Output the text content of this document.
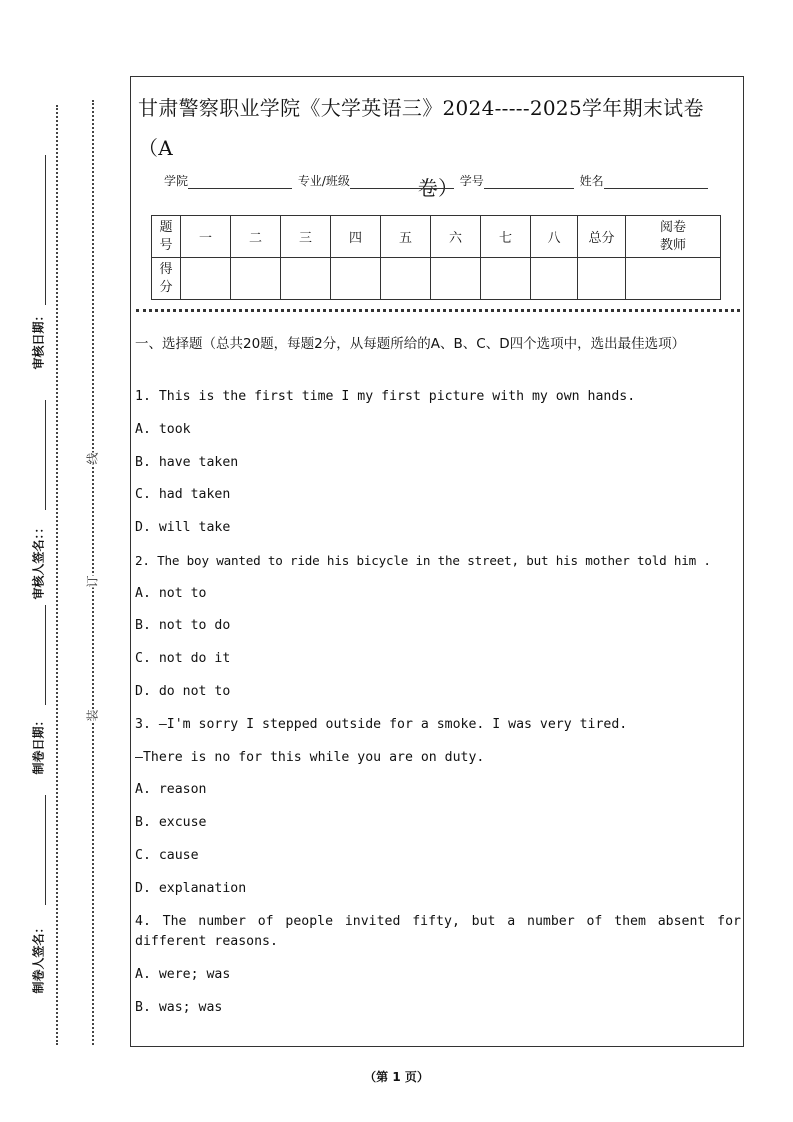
审核日期：
审核人签名：：
制卷日期：
制卷人签名：
线
订
装
甘肃警察职业学院《大学英语三》2024-----2025学年期末试卷（A
卷）
学院	专业/班级	学号	姓名
题
号	一	二	三	四	五	六	七	八	总分	阅卷
教师
得
分										
一、选择题（总共20题，每题2分，从每题所给的A、B、C、D四个选项中，选出最佳选项）
1. This is the first time I my first picture with my own hands.
A. took
B. have taken
C. had taken
D. will take
2. The boy wanted to ride his bicycle in the street, but his mother told him .
A. not to
B. not to do
C. not do it
D. do not to
3. —I'm sorry I stepped outside for a smoke. I was very tired.
—There is no for this while you are on duty.
A. reason
B. excuse
C. cause
D. explanation
4. The number of people invited fifty, but a number of them absent for different reasons.
A. were; was
B. was; was
（第 1 页）
